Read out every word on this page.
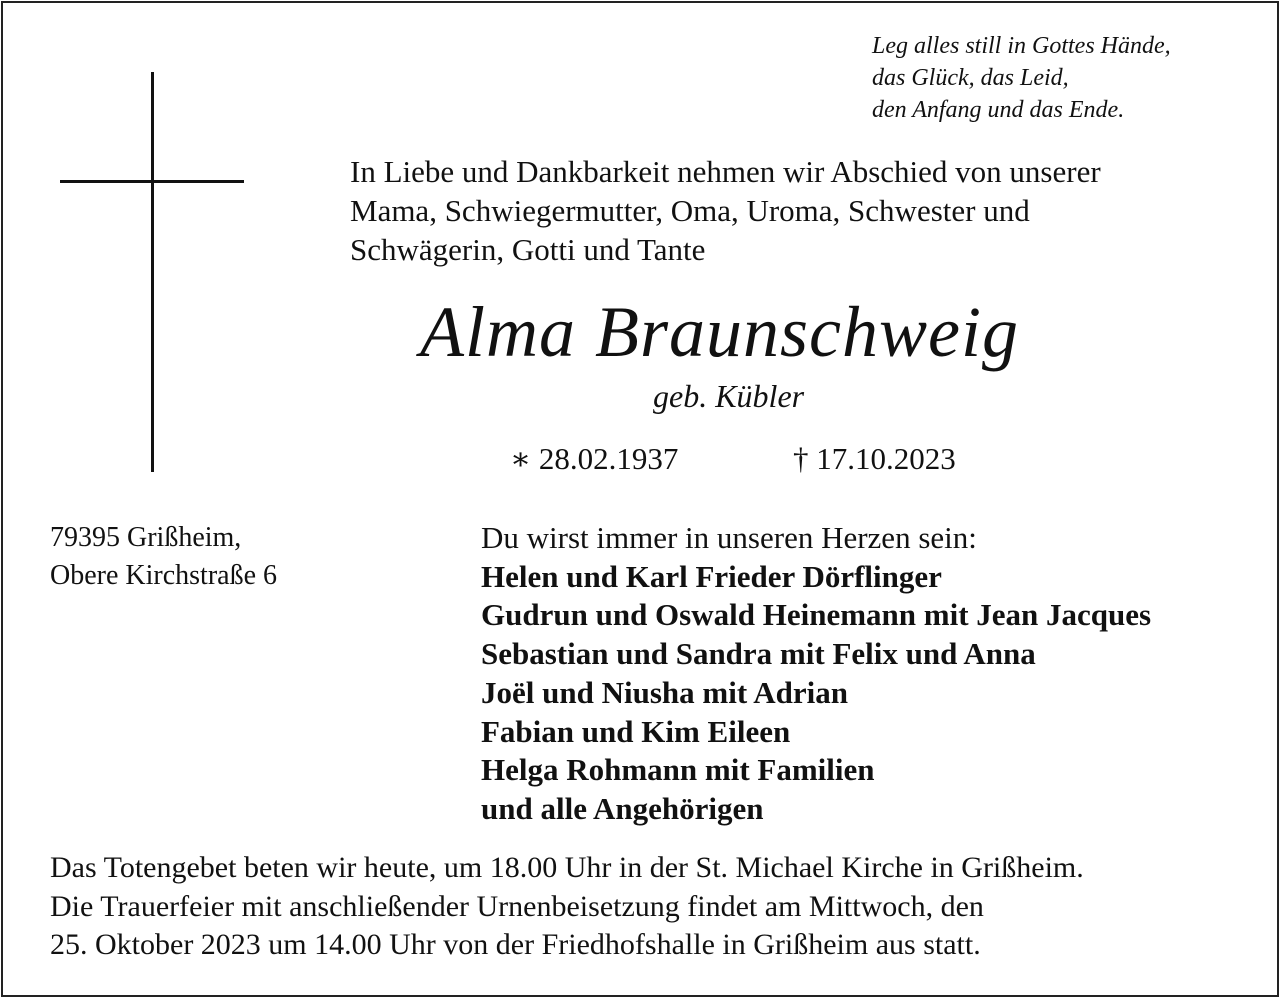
Leg alles still in Gottes Hände,
das Glück, das Leid,
den Anfang und das Ende.
In Liebe und Dankbarkeit nehmen wir Abschied von unserer
Mama, Schwiegermutter, Oma, Uroma, Schwester und
Schwägerin, Gotti und Tante
Alma Braunschweig
geb. Kübler
∗ 28.02.1937	† 17.10.2023
79395 Grißheim,
Obere Kirchstraße 6
Du wirst immer in unseren Herzen sein:
Helen und Karl Frieder Dörflinger
Gudrun und Oswald Heinemann mit Jean Jacques
Sebastian und Sandra mit Felix und Anna
Joël und Niusha mit Adrian
Fabian und Kim Eileen
Helga Rohmann mit Familien
und alle Angehörigen
Das Totengebet beten wir heute, um 18.00 Uhr in der St. Michael Kirche in Grißheim.
Die Trauerfeier mit anschließender Urnenbeisetzung findet am Mittwoch, den
25. Oktober 2023 um 14.00 Uhr von der Friedhofshalle in Grißheim aus statt.
